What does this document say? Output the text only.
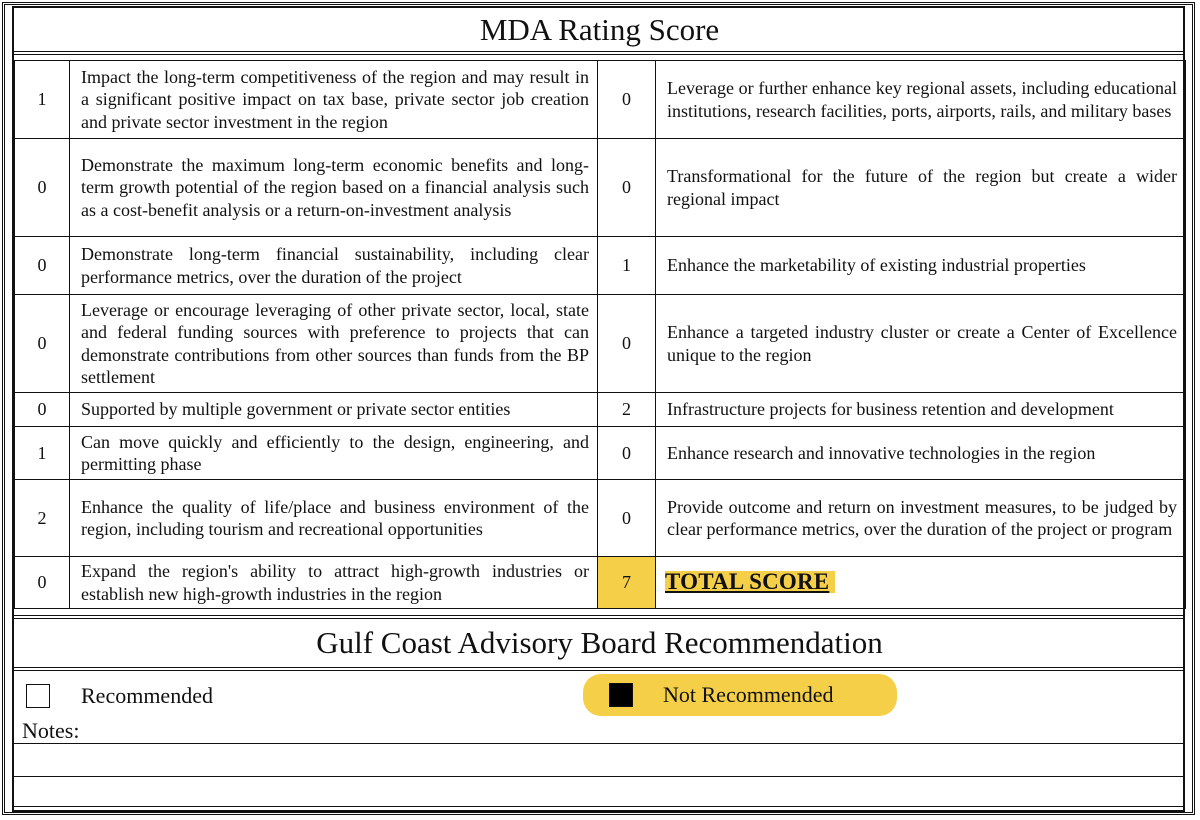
MDA Rating Score
1	Impact the long-term competitiveness of the region and may result in a significant positive impact on tax base, private sector job creation and private sector investment in the region	0	Leverage or further enhance key regional assets, including educational institutions, research facilities, ports, airports, rails, and military bases
0	Demonstrate the maximum long-term economic benefits and long-term growth potential of the region based on a financial analysis such as a cost-benefit analysis or a return-on-investment analysis	0	Transformational for the future of the region but create a wider regional impact
0	Demonstrate long-term financial sustainability, including clear performance metrics, over the duration of the project	1	Enhance the marketability of existing industrial properties
0	Leverage or encourage leveraging of other private sector, local, state and federal funding sources with preference to projects that can demonstrate contributions from other sources than funds from the BP settlement	0	Enhance a targeted industry cluster or create a Center of Excellence unique to the region
0	Supported by multiple government or private sector entities	2	Infrastructure projects for business retention and development
1	Can move quickly and efficiently to the design, engineering, and permitting phase	0	Enhance research and innovative technologies in the region
2	Enhance the quality of life/place and business environment of the region, including tourism and recreational opportunities	0	Provide outcome and return on investment measures, to be judged by clear performance metrics, over the duration of the project or program
0	Expand the region's ability to attract high-growth industries or establish new high-growth industries in the region	7	TOTAL SCORE
Gulf Coast Advisory Board Recommendation
Recommended	Not Recommended
Notes:
